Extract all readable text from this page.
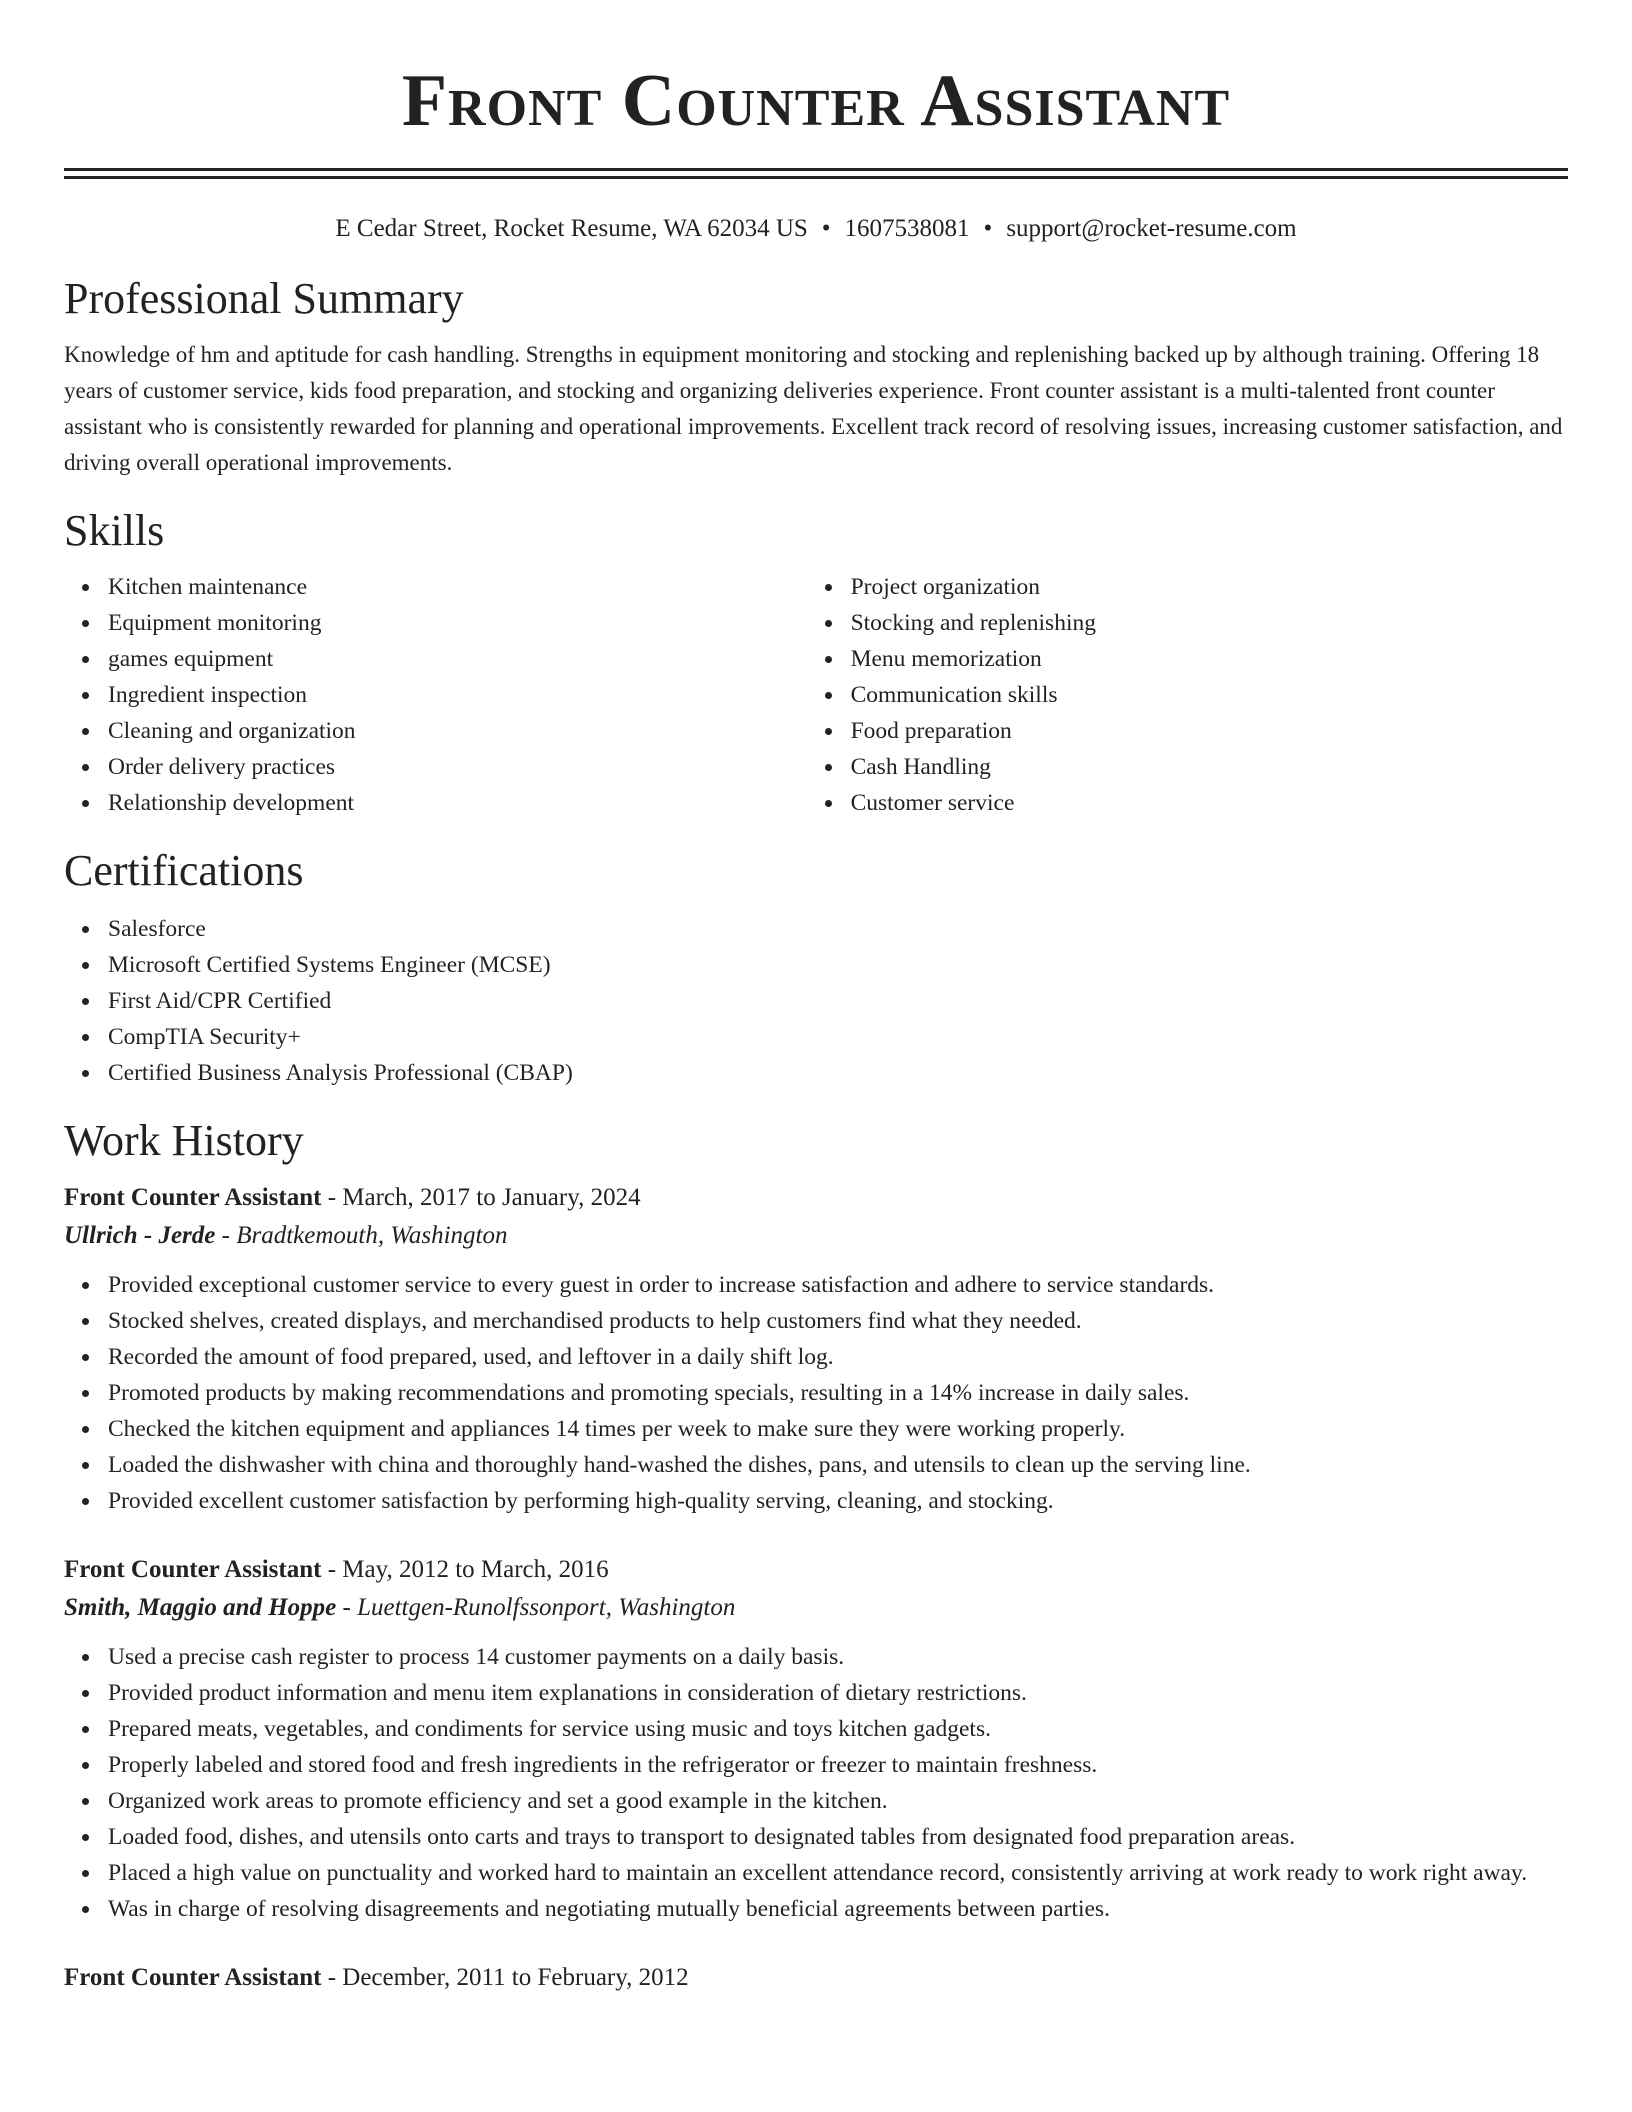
Front Counter Assistant
E Cedar Street, Rocket Resume, WA 62034 US • 1607538081 • support@rocket-resume.com
Professional Summary

Knowledge of hm and aptitude for cash handling. Strengths in equipment monitoring and stocking and replenishing backed up by although training. Offering 18 years of customer service, kids food preparation, and stocking and organizing deliveries experience. Front counter assistant is a multi-talented front counter assistant who is consistently rewarded for planning and operational improvements. Excellent track record of resolving issues, increasing customer satisfaction, and driving overall operational improvements.

Skills
Kitchen maintenance
Equipment monitoring
games equipment
Ingredient inspection
Cleaning and organization
Order delivery practices
Relationship development
Project organization
Stocking and replenishing
Menu memorization
Communication skills
Food preparation
Cash Handling
Customer service
Certifications
Salesforce
Microsoft Certified Systems Engineer (MCSE)
First Aid/CPR Certified
CompTIA Security+
Certified Business Analysis Professional (CBAP)
Work History
Front Counter Assistant - March, 2017 to January, 2024
Ullrich - Jerde - Bradtkemouth, Washington
Provided exceptional customer service to every guest in order to increase satisfaction and adhere to service standards.
Stocked shelves, created displays, and merchandised products to help customers find what they needed.
Recorded the amount of food prepared, used, and leftover in a daily shift log.
Promoted products by making recommendations and promoting specials, resulting in a 14% increase in daily sales.
Checked the kitchen equipment and appliances 14 times per week to make sure they were working properly.
Loaded the dishwasher with china and thoroughly hand-washed the dishes, pans, and utensils to clean up the serving line.
Provided excellent customer satisfaction by performing high-quality serving, cleaning, and stocking.
Front Counter Assistant - May, 2012 to March, 2016
Smith, Maggio and Hoppe - Luettgen-Runolfssonport, Washington
Used a precise cash register to process 14 customer payments on a daily basis.
Provided product information and menu item explanations in consideration of dietary restrictions.
Prepared meats, vegetables, and condiments for service using music and toys kitchen gadgets.
Properly labeled and stored food and fresh ingredients in the refrigerator or freezer to maintain freshness.
Organized work areas to promote efficiency and set a good example in the kitchen.
Loaded food, dishes, and utensils onto carts and trays to transport to designated tables from designated food preparation areas.
Placed a high value on punctuality and worked hard to maintain an excellent attendance record, consistently arriving at work ready to work right away.
Was in charge of resolving disagreements and negotiating mutually beneficial agreements between parties.
Front Counter Assistant - December, 2011 to February, 2012
